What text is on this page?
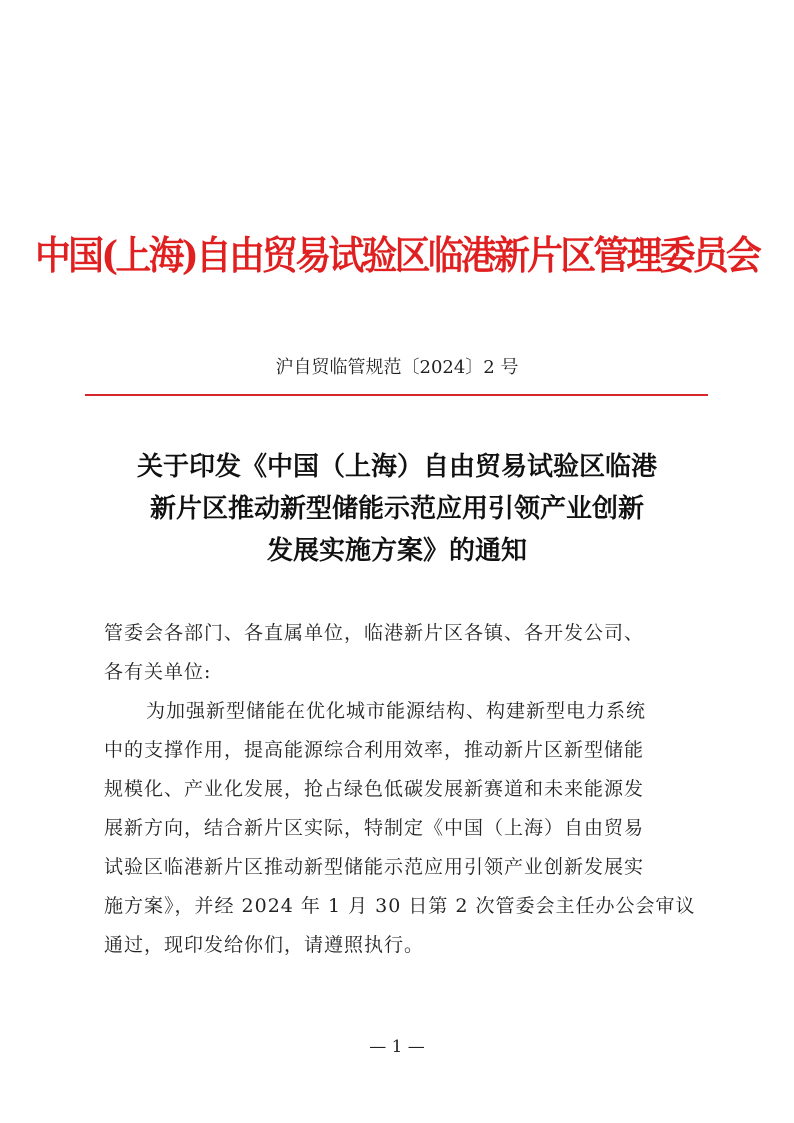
中国(上海)自由贸易试验区临港新片区管理委员会
沪自贸临管规范〔2024〕2 号
关于印发《中国（上海）自由贸易试验区临港
新片区推动新型储能示范应用引领产业创新
发展实施方案》的通知
管委会各部门、各直属单位，临港新片区各镇、各开发公司、
各有关单位:
为加强新型储能在优化城市能源结构、构建新型电力系统
中的支撑作用，提高能源综合利用效率，推动新片区新型储能
规模化、产业化发展，抢占绿色低碳发展新赛道和未来能源发
展新方向，结合新片区实际，特制定《中国（上海）自由贸易
试验区临港新片区推动新型储能示范应用引领产业创新发展实
施方案》，并经 2024 年 1 月 30 日第 2 次管委会主任办公会审议
通过，现印发给你们，请遵照执行。
— 1 —
